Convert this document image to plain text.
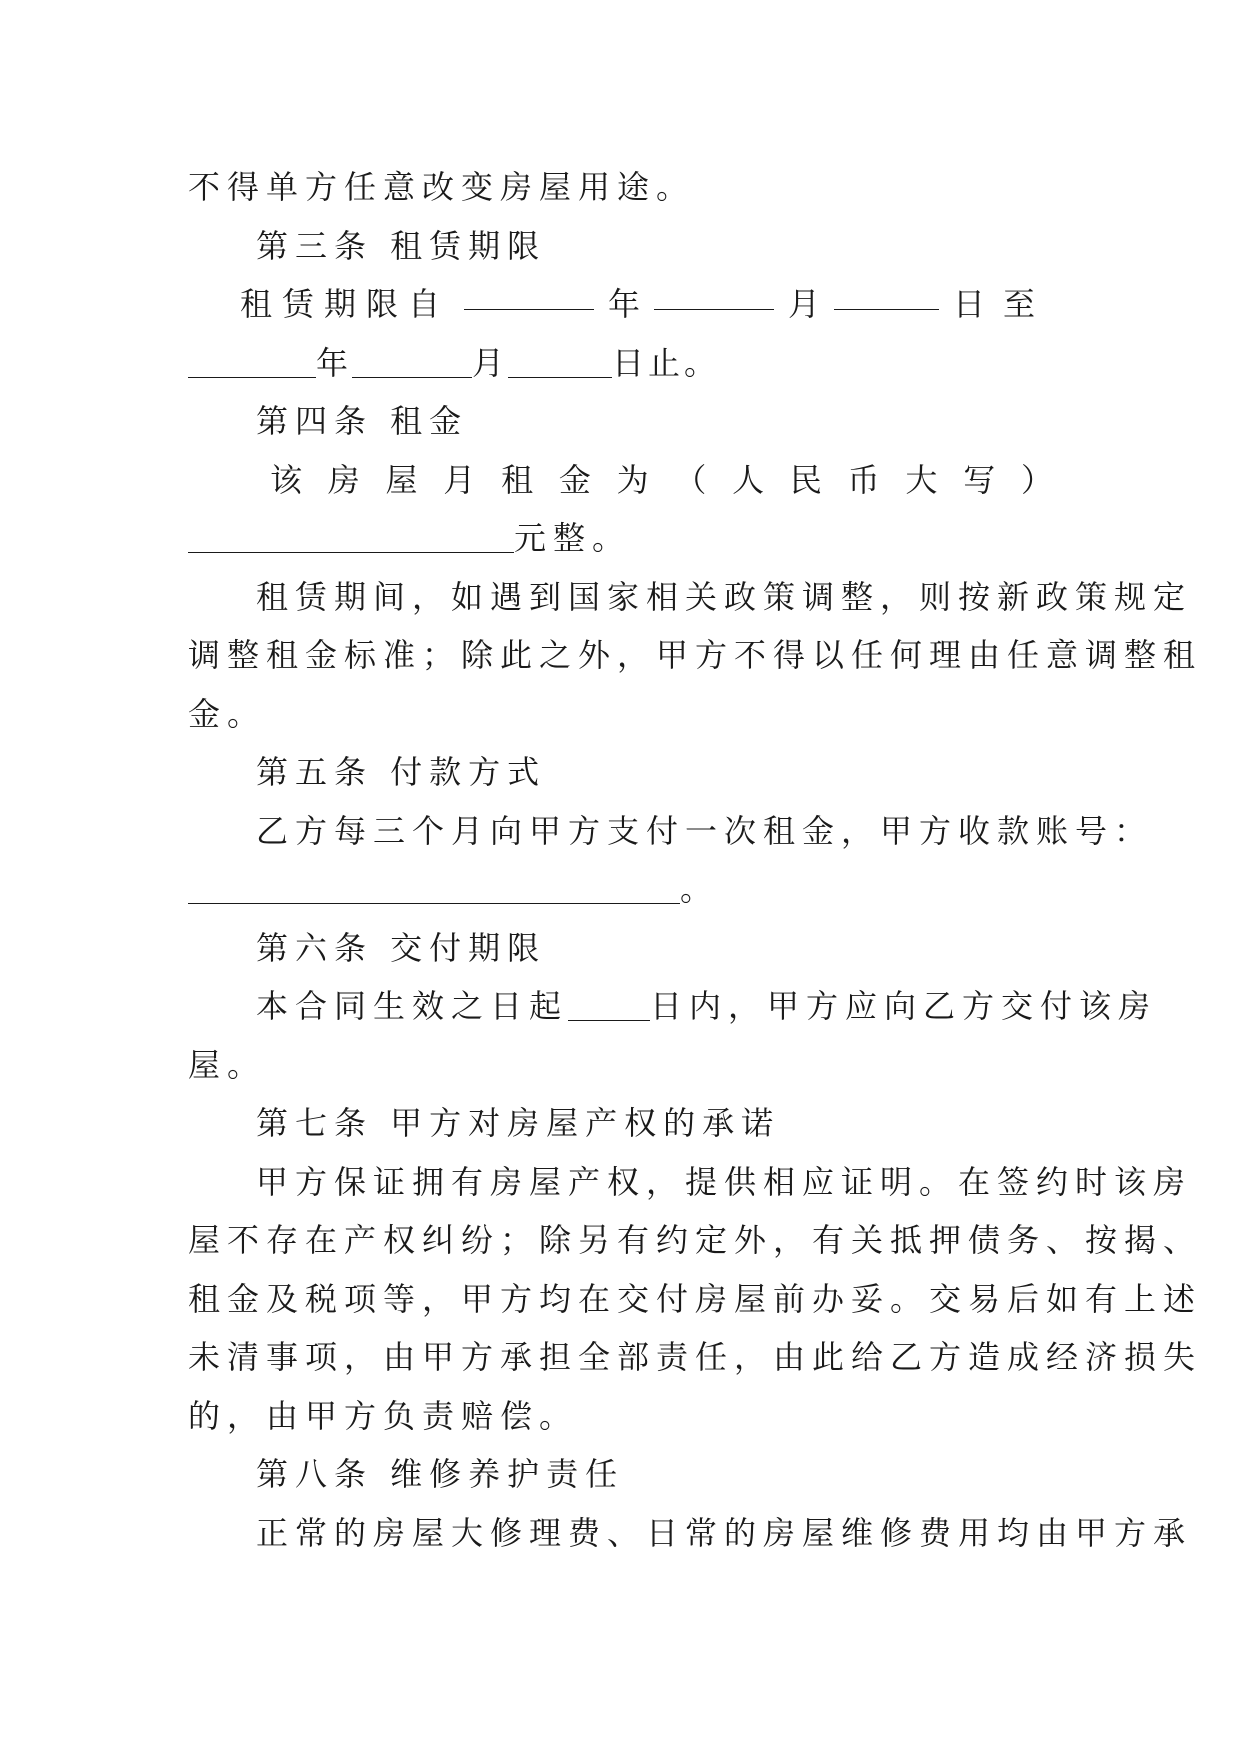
不得单方任意改变房屋用途。
第三条 租赁期限
租赁期限自	年	月	日至
年	月	日止。
第四条 租金
该 房 屋 月 租 金 为 （ 人 民 币 大 写 ）
元整。
租赁期间，如遇到国家相关政策调整，则按新政策规定
调整租金标准；除此之外，甲方不得以任何理由任意调整租
金。
第五条 付款方式
乙方每三个月向甲方支付一次租金，甲方收款账号：
。
第六条 交付期限
本合同生效之日起	日内，甲方应向乙方交付该房
屋。
第七条 甲方对房屋产权的承诺
甲方保证拥有房屋产权，提供相应证明。在签约时该房
屋不存在产权纠纷；除另有约定外，有关抵押债务、按揭、
租金及税项等，甲方均在交付房屋前办妥。交易后如有上述
未清事项，由甲方承担全部责任，由此给乙方造成经济损失
的，由甲方负责赔偿。
第八条 维修养护责任
正常的房屋大修理费、日常的房屋维修费用均由甲方承
